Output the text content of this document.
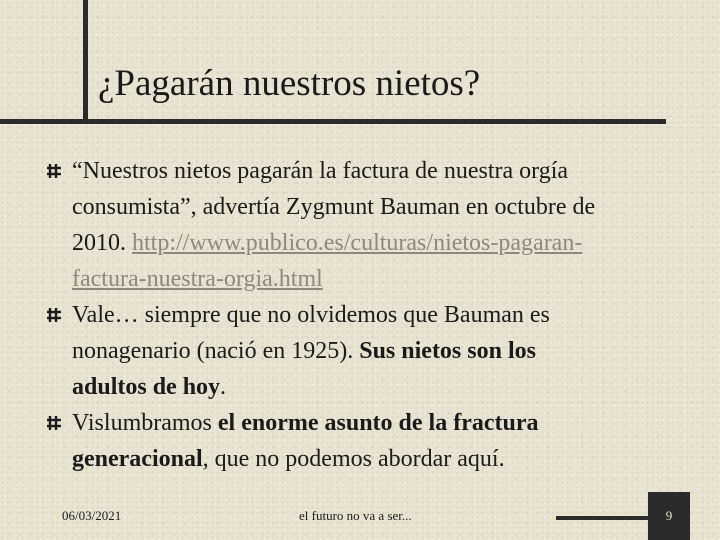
¿Pagarán nuestros nietos?

“Nuestros nietos pagarán la factura de nuestra orgía
consumista”, advertía Zygmunt Bauman en octubre de
2010. http://www.publico.es/culturas/nietos-pagaran-
factura-nuestra-orgia.html

Vale… siempre que no olvidemos que Bauman es
nonagenario (nació en 1925). Sus nietos son los
adultos de hoy.

Vislumbramos el enorme asunto de la fractura
generacional, que no podemos abordar aquí.

06/03/2021	el futuro no va a ser...	9
